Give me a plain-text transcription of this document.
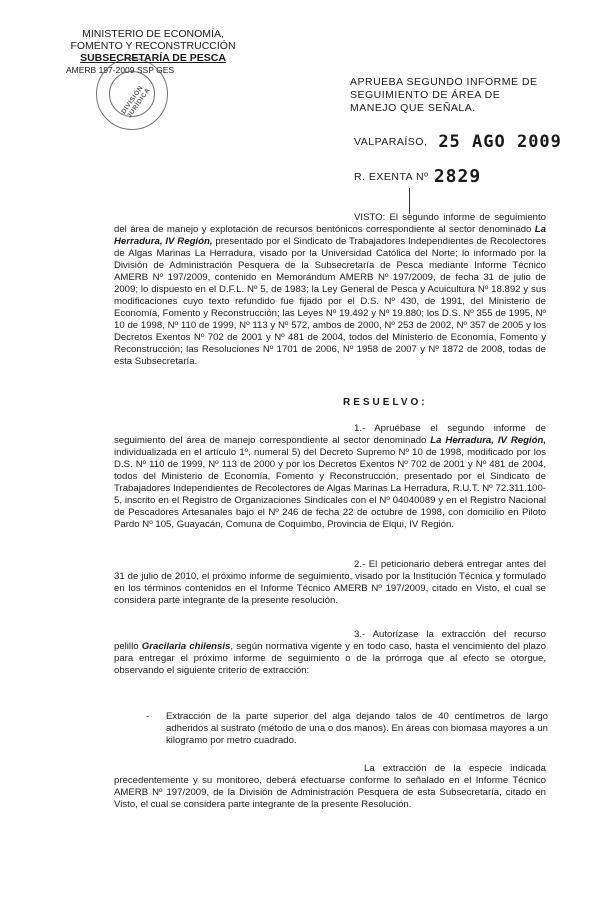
MINISTERIO DE ECONOMÍA,
FOMENTO Y RECONSTRUCCIÓN
SUBSECRETARÍA DE PESCA
AMERB 197-2009 SSP GES
DIVISIÓN JURÍDICA
APRUEBA SEGUNDO INFORME DE SEGUIMIENTO DE ÁREA DE MANEJO QUE SEÑALA.
VALPARAÍSO, 25 AGO 2009
R. EXENTA Nº 2829

VISTO: El segundo informe de seguimiento del área de manejo y explotación de recursos bentónicos correspondiente al sector denominado La Herradura, IV Región, presentado por el Sindicato de Trabajadores Independientes de Recolectores de Algas Marinas La Herradura, visado por la Universidad Católica del Norte; lo informado por la División de Administración Pesquera de la Subsecretaría de Pesca mediante Informe Técnico AMERB Nº 197/2009, contenido en Memorándum AMERB Nº 197/2009, de fecha 31 de julio de 2009; lo dispuesto en el D.F.L. Nº 5, de 1983; la Ley General de Pesca y Acuicultura Nº 18.892 y sus modificaciones cuyo texto refundido fue fijado por el D.S. Nº 430, de 1991, del Ministerio de Economía, Fomento y Reconstrucción; las Leyes Nº 19.492 y Nº 19.880; los D.S. Nº 355 de 1995, Nº 10 de 1998, Nº 110 de 1999, Nº 113 y Nº 572, ambos de 2000, Nº 253 de 2002, Nº 357 de 2005 y los Decretos Exentos Nº 702 de 2001 y Nº 481 de 2004, todos del Ministerio de Economía, Fomento y Reconstrucción; las Resoluciones Nº 1701 de 2006, Nº 1958 de 2007 y Nº 1872 de 2008, todas de esta Subsecretaría.

RESUELVO:

1.- Apruébase el segundo informe de seguimiento del área de manejo correspondiente al sector denominado La Herradura, IV Región, individualizada en el artículo 1º, numeral 5) del Decreto Supremo Nº 10 de 1998, modificado por los D.S. Nº 110 de 1999, Nº 113 de 2000 y por los Decretos Exentos Nº 702 de 2001 y Nº 481 de 2004, todos del Ministerio de Economía, Fomento y Reconstrucción, presentado por el Sindicato de Trabajadores Independientes de Recolectores de Algas Marinas La Herradura, R.U.T. Nº 72.311.100-5, inscrito en el Registro de Organizaciones Sindicales con el Nº 04040089 y en el Registro Nacional de Pescadores Artesanales bajo el Nº 246 de fecha 22 de octubre de 1998, con domicilio en Piloto Pardo Nº 105, Guayacán, Comuna de Coquimbo, Provincia de Elqui, IV Región.

2.- El peticionario deberá entregar antes del 31 de julio de 2010, el próximo informe de seguimiento, visado por la Institución Técnica y formulado en los términos contenidos en el Informe Técnico AMERB Nº 197/2009, citado en Visto, el cual se considera parte integrante de la presente resolución.

3.- Autorízase la extracción del recurso pelillo Gracilaria chilensis, según normativa vigente y en todo caso, hasta el vencimiento del plazo para entregar el próximo informe de seguimiento o de la prórroga que al efecto se otorgue, observando el siguiente criterio de extracción:

- Extracción de la parte superior del alga dejando talos de 40 centímetros de largo adheridos al sustrato (método de una o dos manos). En áreas con biomasa mayores a un kilogramo por metro cuadrado.

La extracción de la especie indicada precedentemente y su monitoreo, deberá efectuarse conforme lo señalado en el Informe Técnico AMERB Nº 197/2009, de la División de Administración Pesquera de esta Subsecretaría, citado en Visto, el cual se considera parte integrante de la presente Resolución.
